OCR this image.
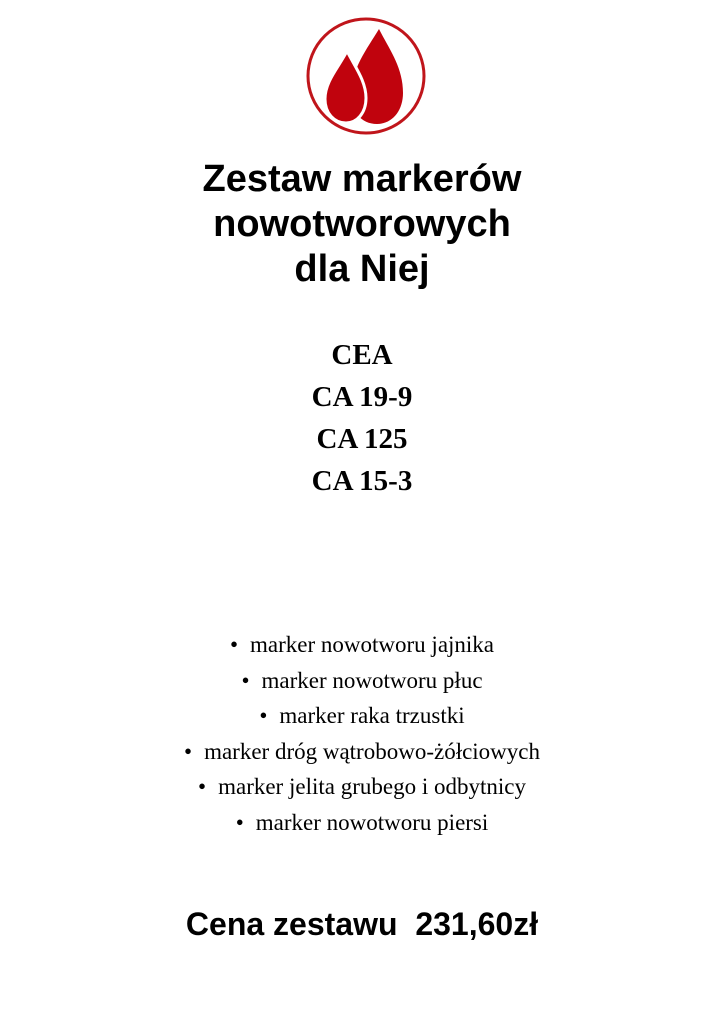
Zestaw markerów
nowotworowych
dla Niej
CEA
CA 19-9
CA 125
CA 15-3
• marker nowotworu jajnika
• marker nowotworu płuc
• marker raka trzustki
• marker dróg wątrobowo-żółciowych
• marker jelita grubego i odbytnicy
• marker nowotworu piersi
Cena zestawu 231,60zł
